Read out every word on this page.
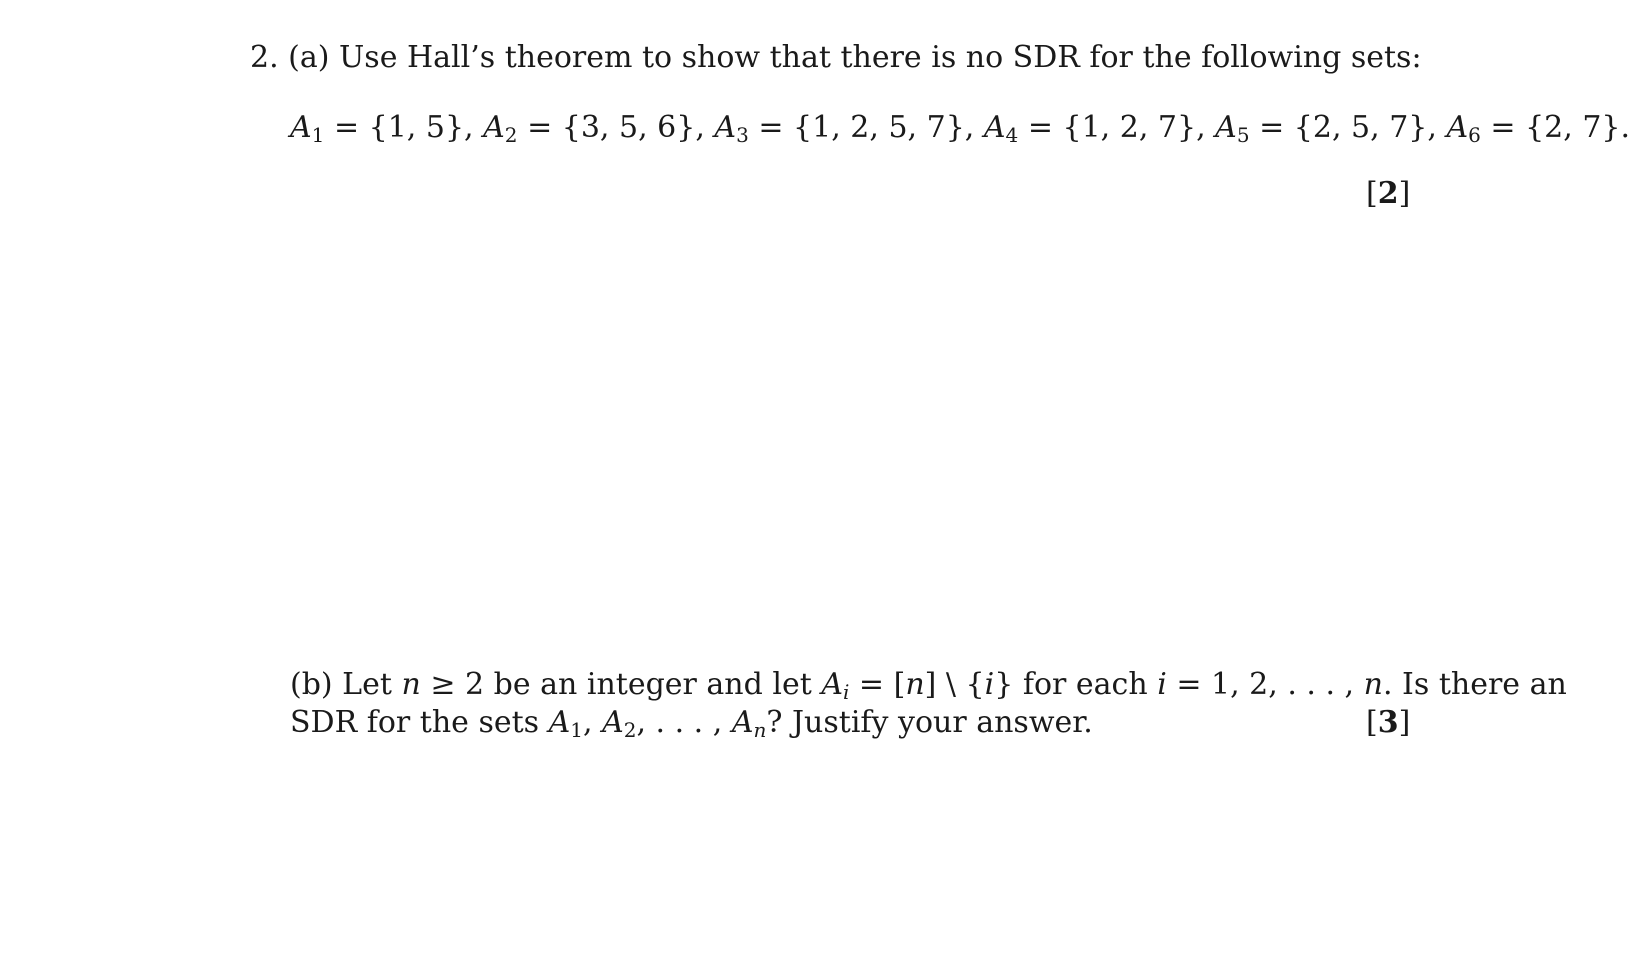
2. (a) Use Hall’s theorem to show that there is no SDR for the following sets:
$A_1 = \{1$, 5}, $A_2 = \{3$, 5, 6}, $A_3 = \{1$, 2, 5, 7}, $A_4 = \{1$, 2, 7}, $A_5 = \{2$, 5, 7}, $A_6 = \{2$, 7}.
[2]
(b) Let n ≥ 2 be an integer and let $A_i = [n]$ \ {i} for each i = 1, 2, . . . , n. Is there an
SDR for the sets $A_1$, $A_2$, . . . , $A_n$? Justify your answer.	[3]
